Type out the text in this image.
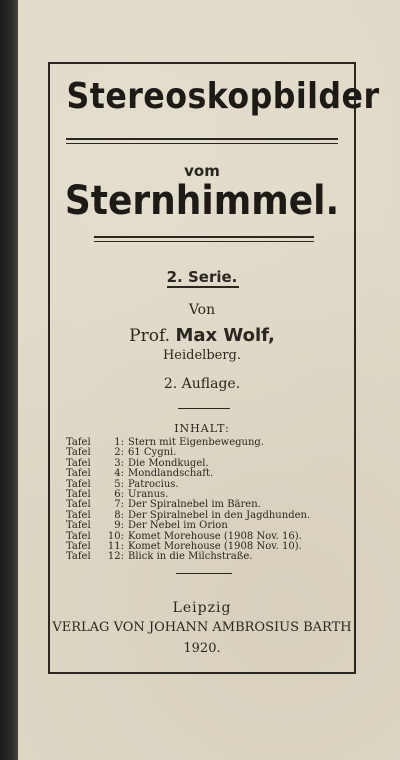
Stereoskopbilder
vom
Sternhimmel.
2. Serie.
Von
Prof. Max Wolf,
Heidelberg.
2. Auflage.
INHALT:
Tafel	1: Stern mit Eigenbewegung.
Tafel	2: 61 Cygni.
Tafel	3: Die Mondkugel.
Tafel	4: Mondlandschaft.
Tafel	5: Patrocius.
Tafel	6: Uranus.
Tafel	7: Der Spiralnebel im Bären.
Tafel	8: Der Spiralnebel in den Jagdhunden.
Tafel	9: Der Nebel im Orion
Tafel	10: Komet Morehouse (1908 Nov. 16).
Tafel	11: Komet Morehouse (1908 Nov. 10).
Tafel	12: Blick in die Milchstraße.
Leipzig
VERLAG VON JOHANN AMBROSIUS BARTH
1920.
